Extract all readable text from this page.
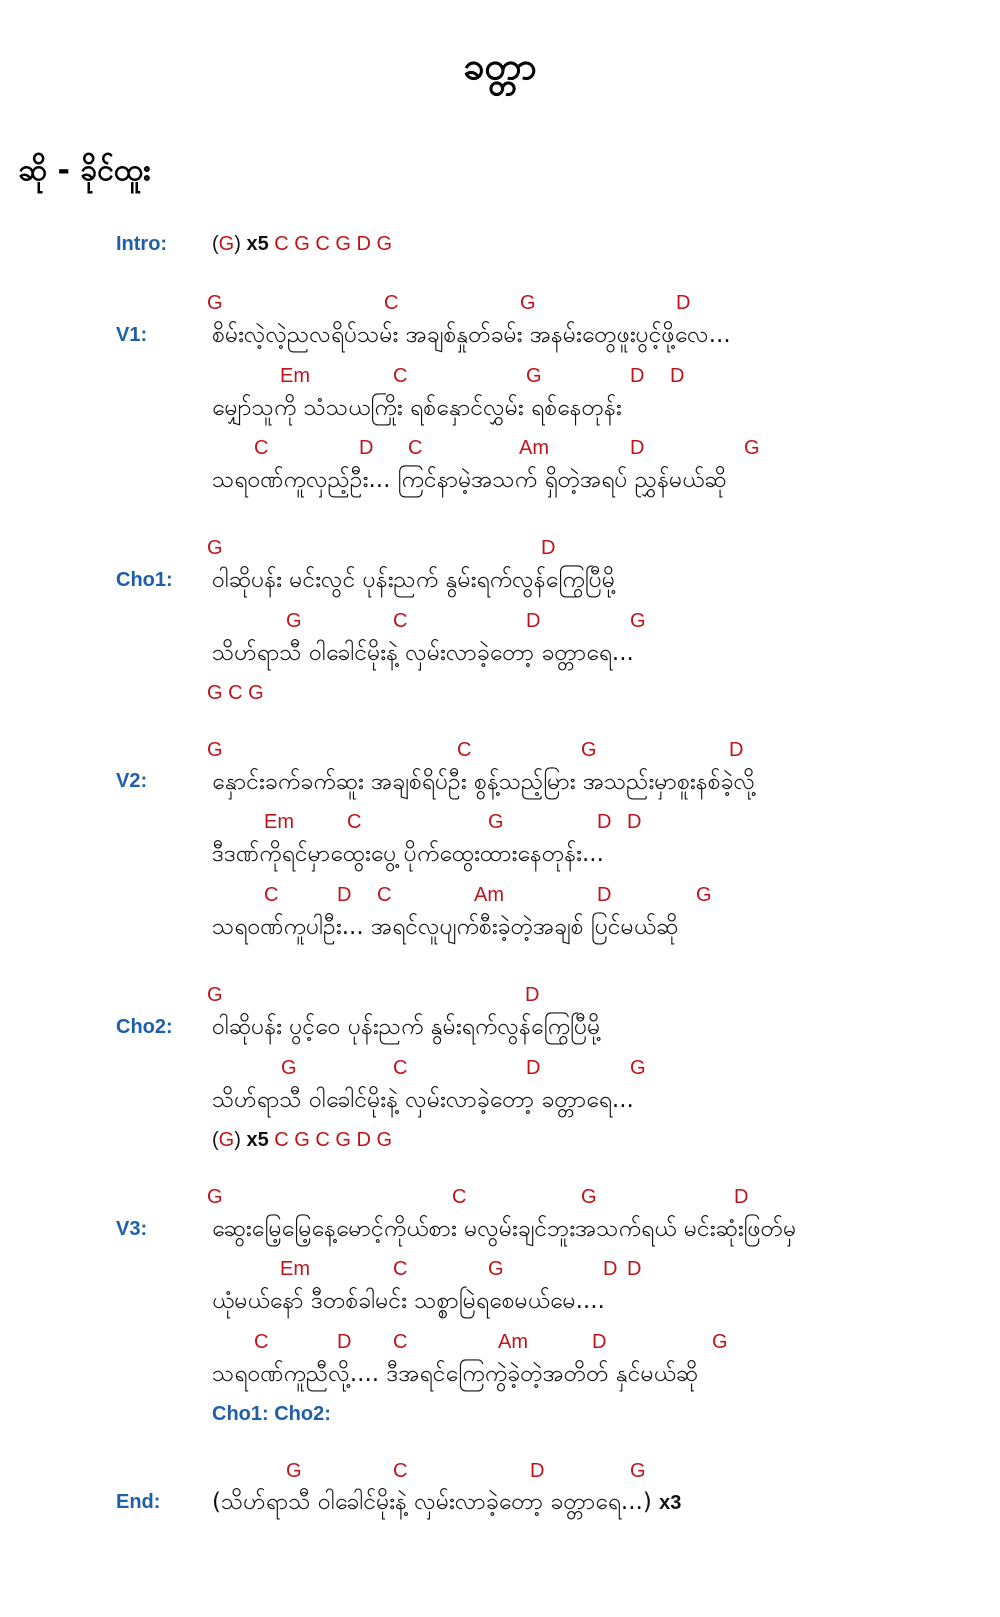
ခတ္တာ
ဆို - ခိုင်ထူး
Intro: (G) x5 C G C G D G
V1:
G	C	G	D
စိမ်းလဲ့လဲ့ညလရိပ်သမ်း အချစ်နှုတ်ခမ်း အနမ်းတွေဖူးပွင့်ဖို့လေ...
Em	C	G	D D
မျှော်သူကို သံသယကြိုး ရစ်နှောင်လွှမ်း ရစ်နေတုန်း
C	D C	Am	D	G
သရဝဏ်ကူလှည့်ဦး... ကြင်နာမဲ့အသက် ရှိတဲ့အရပ် ညွှန်မယ်ဆို
Cho1:
G	D
ဝါဆိုပန်း မင်းလွင် ပုန်းညက် နွမ်းရက်လွန်ကြွေပြီမို့
G	C	D	G
သိဟ်ရာသီ ဝါခေါင်မိုးနဲ့ လှမ်းလာခဲ့တော့ ခတ္တာရေ...
G C G
V2:
G	C	G	D
နှောင်းခက်ခက်ဆူး အချစ်ရိပ်ဦး စွန့်သည့်မြား အသည်းမှာစူးနစ်ခဲ့လို့
Em	C	G	D D
ဒီဒဏ်ကိုရင်မှာထွေးပွေ့ ပိုက်ထွေးထားနေတုန်း...
C	D C	Am	D	G
သရဝဏ်ကူပါဦး... အရင်လူပျက်စီးခဲ့တဲ့အချစ် ပြင်မယ်ဆို
Cho2:
G	D
ဝါဆိုပန်း ပွင့်ဝေ ပုန်းညက် နွမ်းရက်လွန်ကြွေပြီမို့
G	C	D	G
သိဟ်ရာသီ ဝါခေါင်မိုးနဲ့ လှမ်းလာခဲ့တော့ ခတ္တာရေ...
(G) x5 C G C G D G
V3:
G	C	G	D
ဆွေးမြေ့မြေ့နေ့မောင့်ကိုယ်စား မလွမ်းချင်ဘူးအသက်ရယ် မင်းဆုံးဖြတ်မှ
Em	C	G	D D
ယုံမယ်နော် ဒီတစ်ခါမင်း သစ္စာမြဲရစေမယ်မေ....
C	D C	Am	D	G
သရဝဏ်ကူညီလို့.... ဒီအရင်ကြေကွဲခဲ့တဲ့အတိတ် နှင်မယ်ဆို
Cho1: Cho2:
End:
G	C	D	G
(သိဟ်ရာသီ ဝါခေါင်မိုးနဲ့ လှမ်းလာခဲ့တော့ ခတ္တာရေ...) x3
